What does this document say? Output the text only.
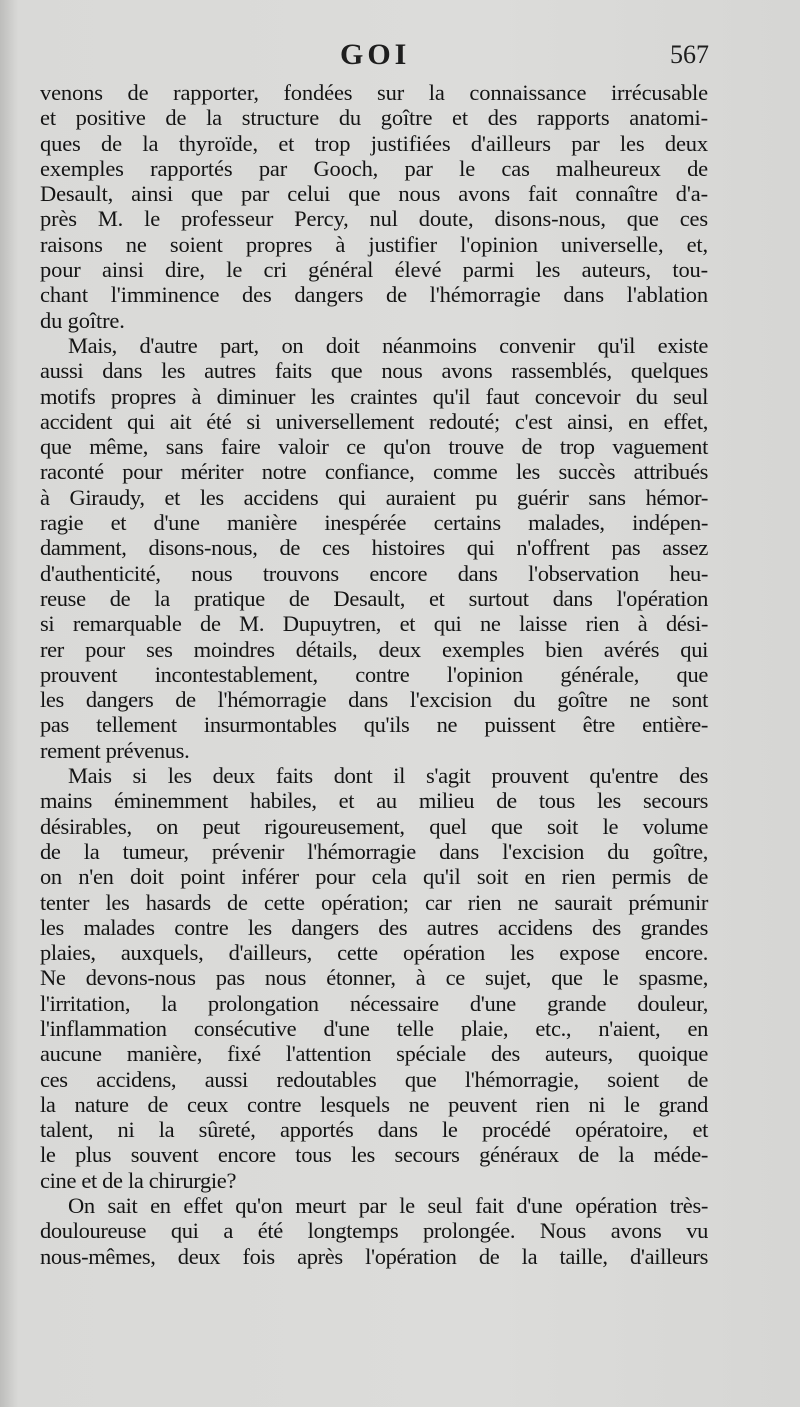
GOI	567
venons de rapporter, fondées sur la connaissance irrécusable
et positive de la structure du goître et des rapports anatomi-
ques de la thyroïde, et trop justifiées d'ailleurs par les deux
exemples rapportés par Gooch, par le cas malheureux de
Desault, ainsi que par celui que nous avons fait connaître d'a-
près M. le professeur Percy, nul doute, disons-nous, que ces
raisons ne soient propres à justifier l'opinion universelle, et,
pour ainsi dire, le cri général élevé parmi les auteurs, tou-
chant l'imminence des dangers de l'hémorragie dans l'ablation
du goître.
Mais, d'autre part, on doit néanmoins convenir qu'il existe
aussi dans les autres faits que nous avons rassemblés, quelques
motifs propres à diminuer les craintes qu'il faut concevoir du seul
accident qui ait été si universellement redouté; c'est ainsi, en effet,
que même, sans faire valoir ce qu'on trouve de trop vaguement
raconté pour mériter notre confiance, comme les succès attribués
à Giraudy, et les accidens qui auraient pu guérir sans hémor-
ragie et d'une manière inespérée certains malades, indépen-
damment, disons-nous, de ces histoires qui n'offrent pas assez
d'authenticité, nous trouvons encore dans l'observation heu-
reuse de la pratique de Desault, et surtout dans l'opération
si remarquable de M. Dupuytren, et qui ne laisse rien à dési-
rer pour ses moindres détails, deux exemples bien avérés qui
prouvent incontestablement, contre l'opinion générale, que
les dangers de l'hémorragie dans l'excision du goître ne sont
pas tellement insurmontables qu'ils ne puissent être entière-
rement prévenus.
Mais si les deux faits dont il s'agit prouvent qu'entre des
mains éminemment habiles, et au milieu de tous les secours
désirables, on peut rigoureusement, quel que soit le volume
de la tumeur, prévenir l'hémorragie dans l'excision du goître,
on n'en doit point inférer pour cela qu'il soit en rien permis de
tenter les hasards de cette opération; car rien ne saurait prémunir
les malades contre les dangers des autres accidens des grandes
plaies, auxquels, d'ailleurs, cette opération les expose encore.
Ne devons-nous pas nous étonner, à ce sujet, que le spasme,
l'irritation, la prolongation nécessaire d'une grande douleur,
l'inflammation consécutive d'une telle plaie, etc., n'aient, en
aucune manière, fixé l'attention spéciale des auteurs, quoique
ces accidens, aussi redoutables que l'hémorragie, soient de
la nature de ceux contre lesquels ne peuvent rien ni le grand
talent, ni la sûreté, apportés dans le procédé opératoire, et
le plus souvent encore tous les secours généraux de la méde-
cine et de la chirurgie?
On sait en effet qu'on meurt par le seul fait d'une opération très-
douloureuse qui a été longtemps prolongée. Nous avons vu
nous-mêmes, deux fois après l'opération de la taille, d'ailleurs
